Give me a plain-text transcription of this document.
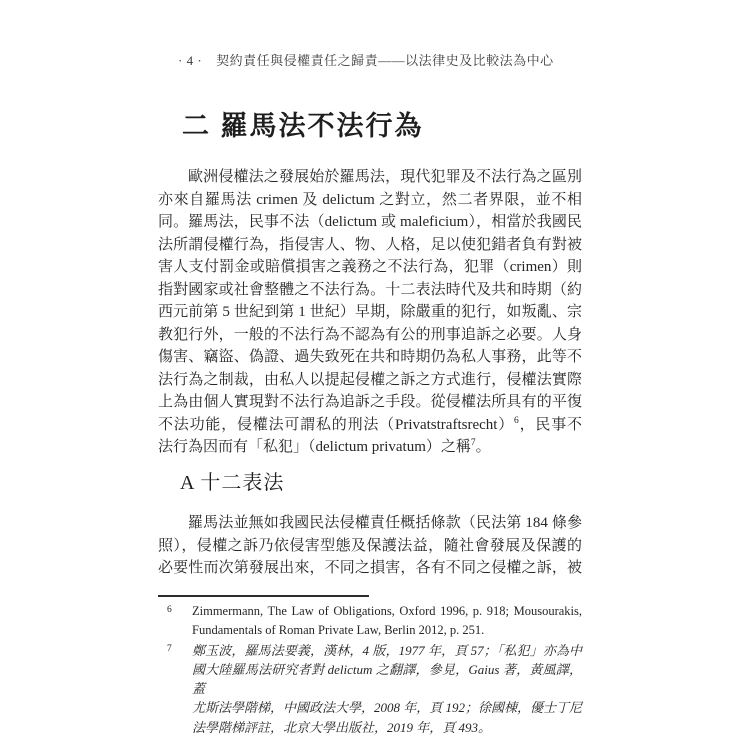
· 4 · 契約責任與侵權責任之歸責——以法律史及比較法為中心
二 羅馬法不法行為
歐洲侵權法之發展始於羅馬法，現代犯罪及不法行為之區別
亦來自羅馬法 crimen 及 delictum 之對立，然二者界限，並不相
同。羅馬法，民事不法（delictum 或 maleficium），相當於我國民
法所謂侵權行為，指侵害人、物、人格，足以使犯錯者負有對被
害人支付罰金或賠償損害之義務之不法行為，犯罪（crimen）則
指對國家或社會整體之不法行為。十二表法時代及共和時期（約
西元前第 5 世紀到第 1 世紀）早期，除嚴重的犯行，如叛亂、宗
教犯行外，一般的不法行為不認為有公的刑事追訴之必要。人身
傷害、竊盜、偽證、過失致死在共和時期仍為私人事務，此等不
法行為之制裁，由私人以提起侵權之訴之方式進行，侵權法實際
上為由個人實現對不法行為追訴之手段。從侵權法所具有的平復
不法功能，侵權法可謂私的刑法（Privatstraftsrecht）$^6$，民事不
法行為因而有「私犯」（delictum privatum）之稱$^7$。
A 十二表法
羅馬法並無如我國民法侵權責任概括條款（民法第 184 條參
照），侵權之訴乃依侵害型態及保護法益，隨社會發展及保護的
必要性而次第發展出來，不同之損害，各有不同之侵權之訴，被
6	Zimmermann, The Law of Obligations, Oxford 1996, p. 918; Mousourakis,
Fundamentals of Roman Private Law, Berlin 2012, p. 251.
7	鄭玉波，羅馬法要義，漢林，4 版，1977 年，頁 57；「私犯」亦為中
國大陸羅馬法研究者對 delictum 之翻譯，參見，Gaius 著，黃風譯，蓋
尤斯法學階梯，中國政法大學，2008 年，頁 192；徐國棟，優士丁尼
法學階梯評註，北京大學出版社，2019 年，頁 493。
